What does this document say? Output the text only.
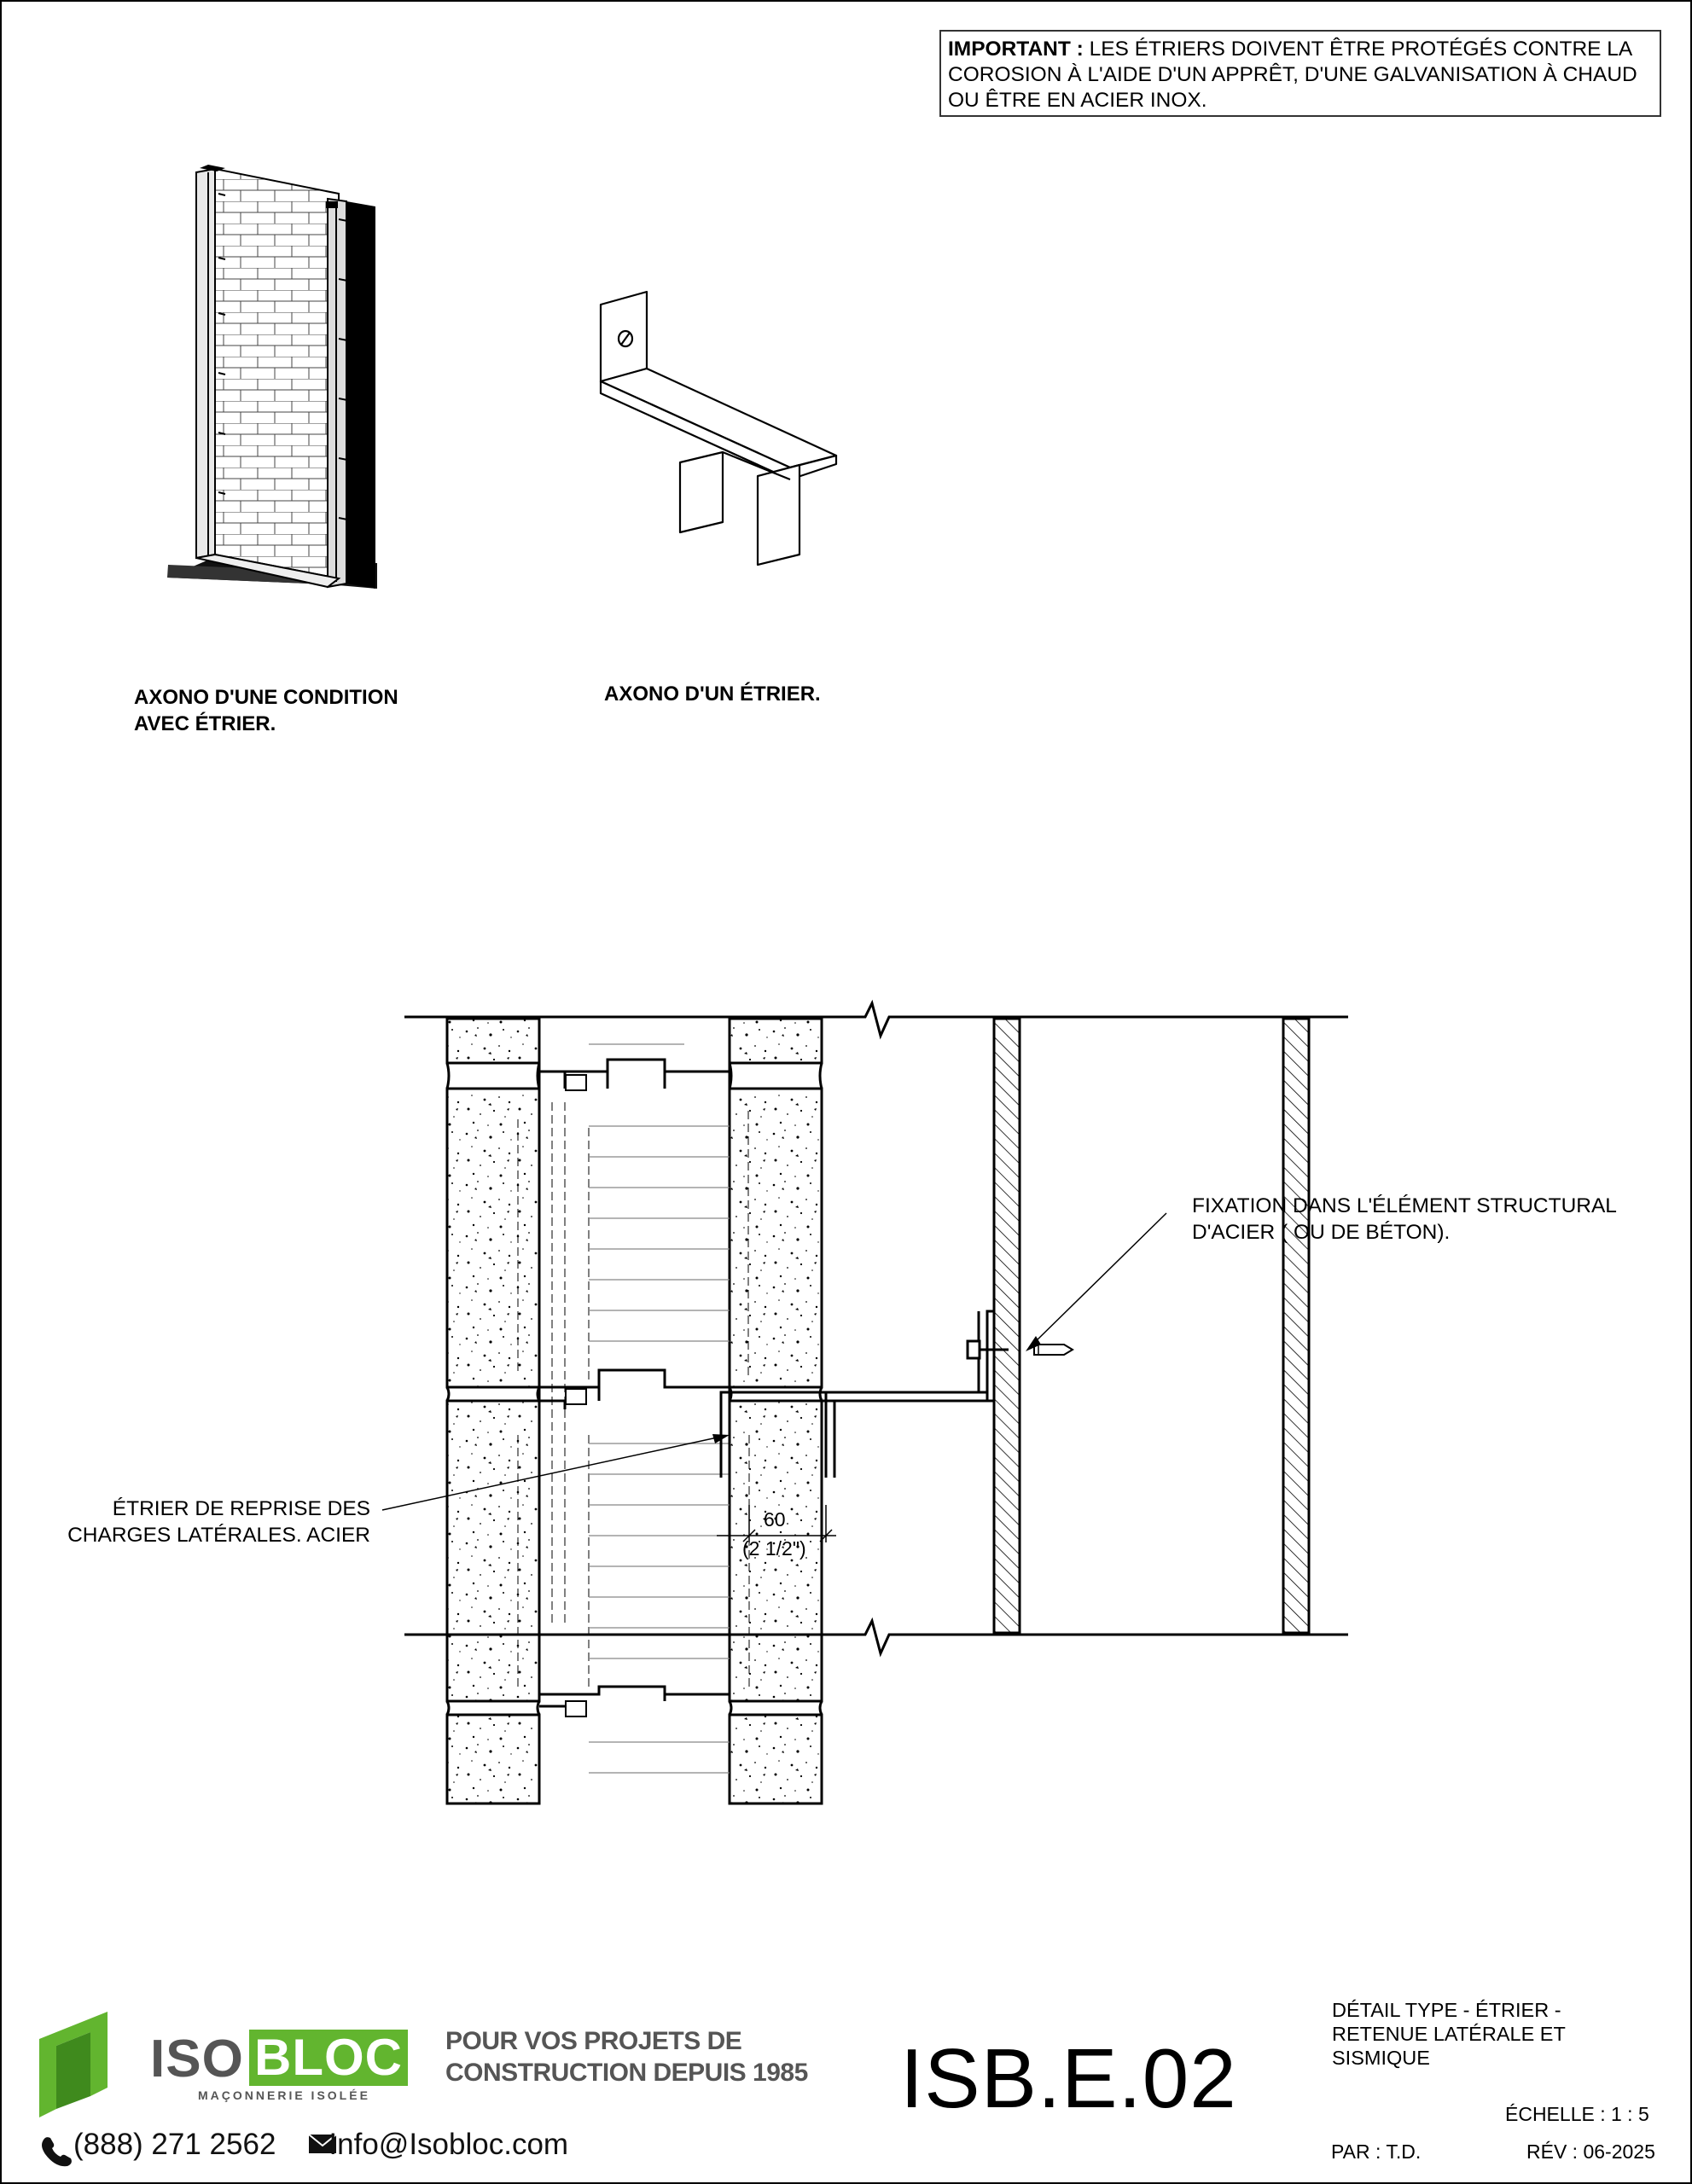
IMPORTANT : LES ÉTRIERS DOIVENT ÊTRE PROTÉGÉS CONTRE LA COROSION À L'AIDE D'UN APPRÊT, D'UNE GALVANISATION À CHAUD OU ÊTRE EN ACIER INOX.
AXONO D'UNE CONDITION
AVEC ÉTRIER.
AXONO D'UN ÉTRIER.
FIXATION DANS L'ÉLÉMENT STRUCTURAL
D'ACIER ( OU DE BÉTON).
ÉTRIER DE REPRISE DES
CHARGES LATÉRALES. ACIER
60
(2 1/2")
ISO BLOC
MAÇONNERIE ISOLÉE
POUR VOS PROJETS DE
CONSTRUCTION DEPUIS 1985
(888) 271 2562 Info@Isobloc.com
ISB.E.02
DÉTAIL TYPE - ÉTRIER -
RETENUE LATÉRALE ET
SISMIQUE
ÉCHELLE : 1 : 5
PAR : T.D.	RÉV : 06-2025
